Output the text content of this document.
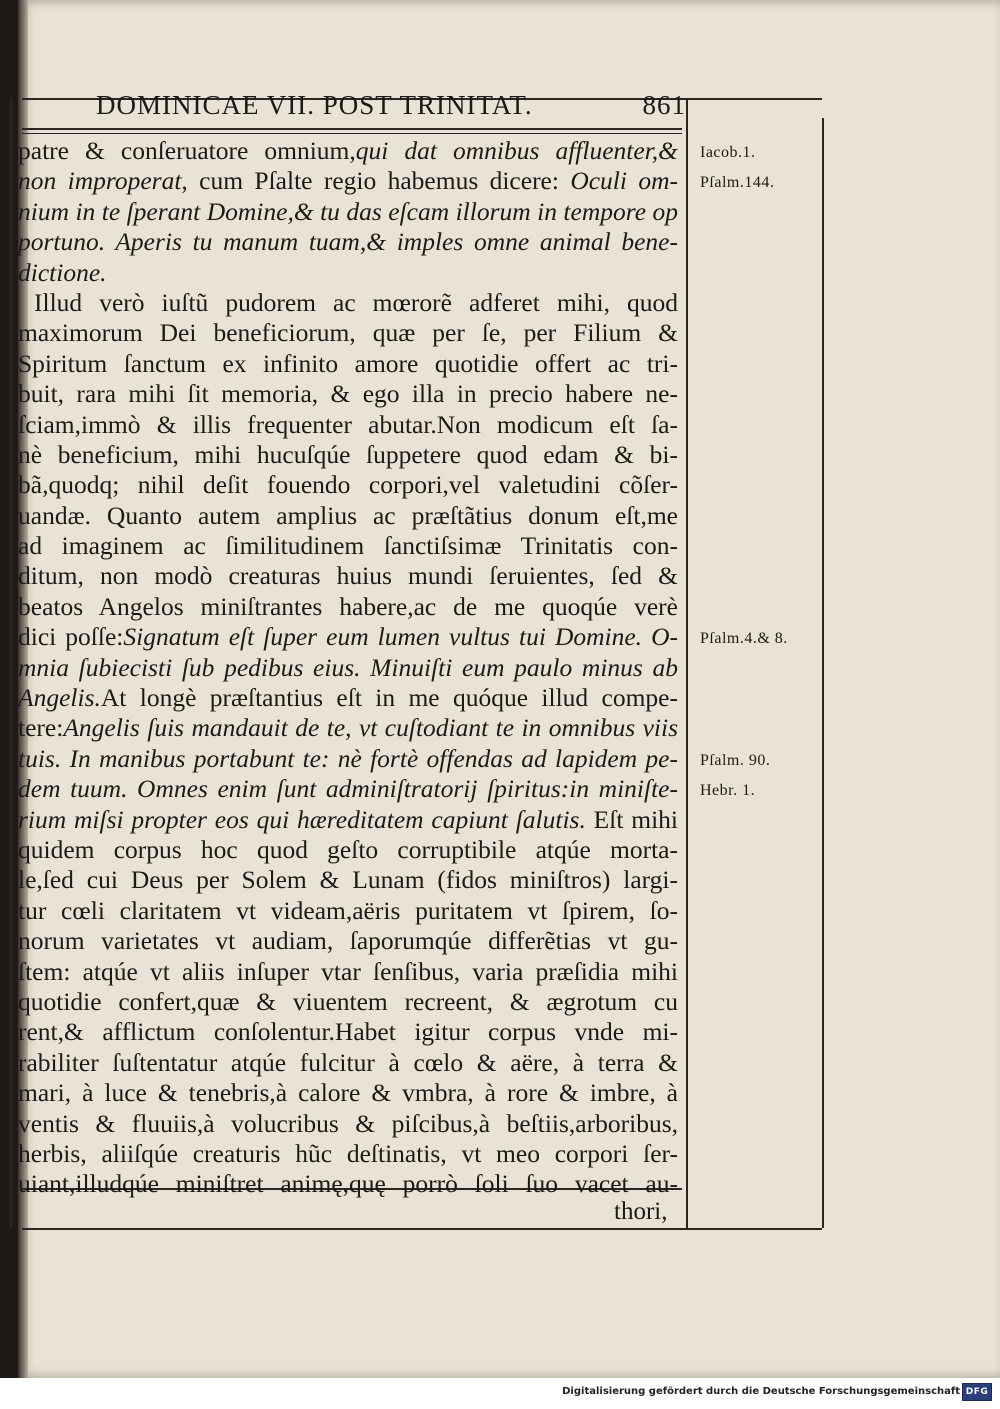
DOMINICAE VII. POST TRINITAT.	861
patre & conſeruatore omnium,qui dat omnibus affluenter,&
non improperat, cum Pſalte regio habemus dicere: Oculi om-
nium in te ſperant Domine,& tu das eſcam illorum in tempore op
portuno. Aperis tu manum tuam,& imples omne animal bene-
dictione.
Illud verò iuſtũ pudorem ac mœrorẽ adferet mihi, quod
maximorum Dei beneficiorum, quæ per ſe, per Filium &
Spiritum ſanctum ex infinito amore quotidie offert ac tri-
buit, rara mihi ſit memoria, & ego illa in precio habere ne-
ſciam,immò & illis frequenter abutar.Non modicum eſt ſa-
nè beneficium, mihi hucuſqúe ſuppetere quod edam & bi-
bã,quodq; nihil deſit fouendo corpori,vel valetudini cõſer-
uandæ. Quanto autem amplius ac præſtãtius donum eſt,me
ad imaginem ac ſimilitudinem ſanctiſsimæ Trinitatis con-
ditum, non modò creaturas huius mundi ſeruientes, ſed &
beatos Angelos miniſtrantes habere,ac de me quoqúe verè
dici poſſe:Signatum eſt ſuper eum lumen vultus tui Domine. O-
mnia ſubiecisti ſub pedibus eius. Minuiſti eum paulo minus ab
Angelis.At longè præſtantius eſt in me quóque illud compe-
tere:Angelis ſuis mandauit de te, vt cuſtodiant te in omnibus viis
tuis. In manibus portabunt te: nè fortè offendas ad lapidem pe-
dem tuum. Omnes enim ſunt adminiſtratorij ſpiritus:in miniſte-
rium miſsi propter eos qui hæreditatem capiunt ſalutis. Eſt mihi
quidem corpus hoc quod geſto corruptibile atqúe morta-
le,ſed cui Deus per Solem & Lunam (fidos miniſtros) largi-
tur cœli claritatem vt videam,aëris puritatem vt ſpirem, ſo-
norum varietates vt audiam, ſaporumqúe differẽtias vt gu-
ſtem: atqúe vt aliis inſuper vtar ſenſibus, varia præſidia mihi
quotidie confert,quæ & viuentem recreent, & ægrotum cu
rent,& afflictum conſolentur.Habet igitur corpus vnde mi-
rabiliter ſuſtentatur atqúe fulcitur à cœlo & aëre, à terra &
mari, à luce & tenebris,à calore & vmbra, à rore & imbre, à
ventis & fluuiis,à volucribus & piſcibus,à beſtiis,arboribus,
herbis, aliiſqúe creaturis hũc deſtinatis, vt meo corpori ſer-
uiant,illudqúe miniſtret animę,quę porrò ſoli ſuo vacet au-
Iacob.1.
Pſalm.144.
Pſalm.4.& 8.
Pſalm. 90.
Hebr. 1.
thori,
Digitalisierung gefördert durch die Deutsche Forschungsgemeinschaft DFG
